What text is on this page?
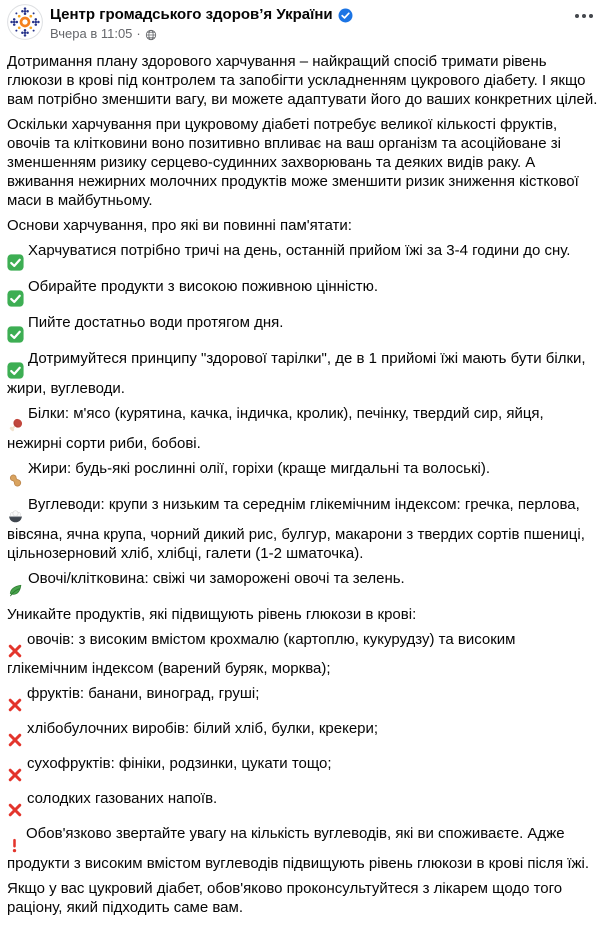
Центр громадського здоров’я України
Вчера в 11:05 ·

Дотримання плану здорового харчування – найкращий спосіб тримати рівень глюкози в крові під контролем та запобігти ускладненням цукрового діабету. І якщо вам потрібно зменшити вагу, ви можете адаптувати його до ваших конкретних цілей.

Оскільки харчування при цукровому діабеті потребує великої кількості фруктів, овочів та клітковини воно позитивно впливає на ваш організм та асоційоване зі зменшенням ризику серцево-судинних захворювань та деяких видів раку. А вживання нежирних молочних продуктів може зменшити ризик зниження кісткової маси в майбутньому.

Основи харчування, про які ви повинні пам'ятати:

Харчуватися потрібно тричі на день, останній прийом їжі за 3-4 години до сну.

Обирайте продукти з високою поживною цінністю.

Пийте достатньо води протягом дня.

Дотримуйтеся принципу "здорової тарілки", де в 1 прийомі їжі мають бути білки, жири, вуглеводи.

Білки: м'ясо (курятина, качка, індичка, кролик), печінку, твердий сир, яйця, нежирні сорти риби, бобові.

Жири: будь-які рослинні олії, горіхи (краще мигдальні та волоські).

Вуглеводи: крупи з низьким та середнім глікемічним індексом: гречка, перлова, вівсяна, ячна крупа, чорний дикий рис, булгур, макарони з твердих сортів пшениці, цільнозерновий хліб, хлібці, галети (1-2 шматочка).

Овочі/клітковина: свіжі чи заморожені овочі та зелень.

Уникайте продуктів, які підвищують рівень глюкози в крові:

овочів: з високим вмістом крохмалю (картоплю, кукурудзу) та високим глікемічним індексом (варений буряк, морква);

фруктів: банани, виноград, груші;

хлібобулочних виробів: білий хліб, булки, крекери;

сухофруктів: фініки, родзинки, цукати тощо;

солодких газованих напоїв.

Обов'язково звертайте увагу на кількість вуглеводів, які ви споживаєте. Адже продукти з високим вмістом вуглеводів підвищують рівень глюкози в крові після їжі.

Якщо у вас цукровий діабет, обов'яково проконсультуйтеся з лікарем щодо того раціону, який підходить саме вам.
